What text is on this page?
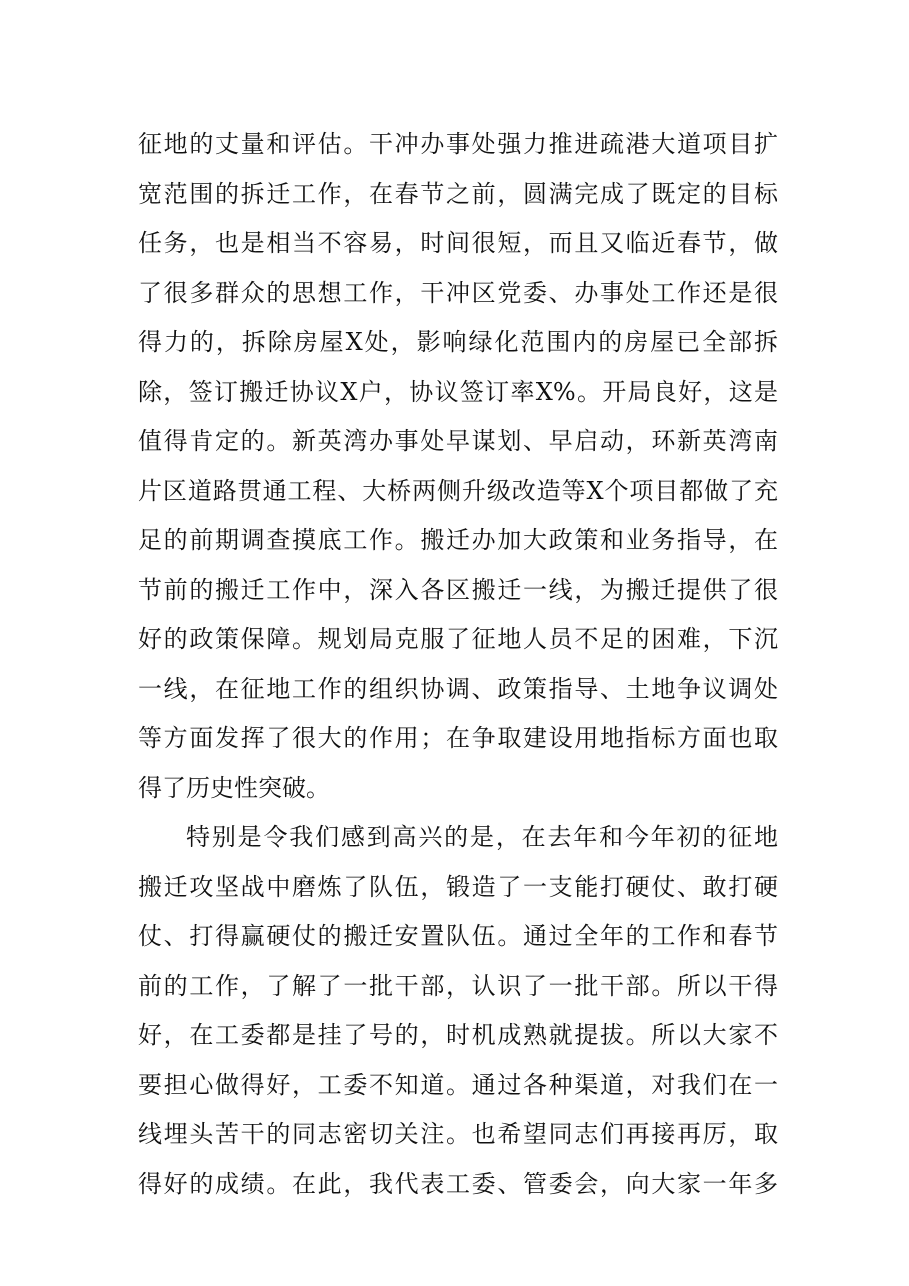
征地的丈量和评估。干冲办事处强力推进疏港大道项目扩
宽范围的拆迁工作，在春节之前，圆满完成了既定的目标
任务，也是相当不容易，时间很短，而且又临近春节，做
了很多群众的思想工作，干冲区党委、办事处工作还是很
得力的，拆除房屋X处，影响绿化范围内的房屋已全部拆
除，签订搬迁协议X户，协议签订率X%。开局良好，这是
值得肯定的。新英湾办事处早谋划、早启动，环新英湾南
片区道路贯通工程、大桥两侧升级改造等X个项目都做了充
足的前期调查摸底工作。搬迁办加大政策和业务指导，在
节前的搬迁工作中，深入各区搬迁一线，为搬迁提供了很
好的政策保障。规划局克服了征地人员不足的困难，下沉
一线，在征地工作的组织协调、政策指导、土地争议调处
等方面发挥了很大的作用；在争取建设用地指标方面也取
得了历史性突破。
特别是令我们感到高兴的是，在去年和今年初的征地
搬迁攻坚战中磨炼了队伍，锻造了一支能打硬仗、敢打硬
仗、打得赢硬仗的搬迁安置队伍。通过全年的工作和春节
前的工作，了解了一批干部，认识了一批干部。所以干得
好，在工委都是挂了号的，时机成熟就提拔。所以大家不
要担心做得好，工委不知道。通过各种渠道，对我们在一
线埋头苦干的同志密切关注。也希望同志们再接再厉，取
得好的成绩。在此，我代表工委、管委会，向大家一年多
